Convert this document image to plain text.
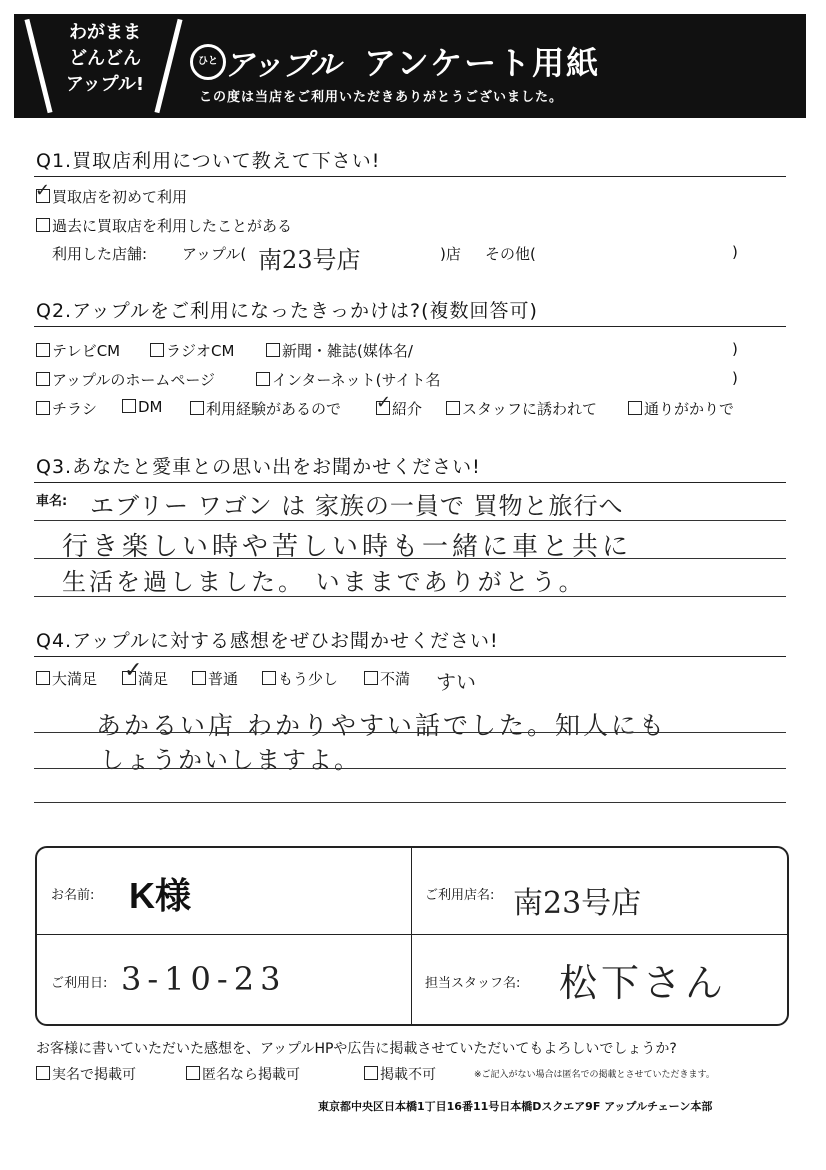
わがまま
どんどん
アップル!
ひと アップル アンケート用紙
この度は当店をご利用いただきありがとうございました。
Q1.買取店利用について教えて下さい!
✓ 買取店を初めて利用
過去に買取店を利用したことがある
利用した店舗: アップル( 南23号店	)店 その他(	)
Q2.アップルをご利用になったきっかけは?(複数回答可)
テレビCM	ラジオCM	新聞・雑誌(媒体名/	)
アップルのホームページ	インターネット(サイト名	)
チラシ	DM	利用経験があるので ✓ 紹介	スタッフに誘われて	通りがかりで
Q3.あなたと愛車との思い出をお聞かせください!
車名: エブリー ワゴン は 家族の一員で 買物と旅行へ
行き楽しい時や苦しい時も一緒に車と共に
生活を過しました。 いままでありがとう。
Q4.アップルに対する感想をぜひお聞かせください!
大満足 ✓
満足	普通	もう少し	不満 すい
あかるい店 わかりやすい話でした。知人にも
しょうかいしますよ。
お名前: K様	ご利用店名: 南23号店
ご利用日: 3-10-23	担当スタッフ名: 松下さん
お客様に書いていただいた感想を、アップルHPや広告に掲載させていただいてもよろしいでしょうか?
実名で掲載可	匿名なら掲載可	掲載不可	※ご記入がない場合は匿名での掲載とさせていただきます。
東京都中央区日本橋1丁目16番11号日本橋Dスクエア9F アップルチェーン本部
